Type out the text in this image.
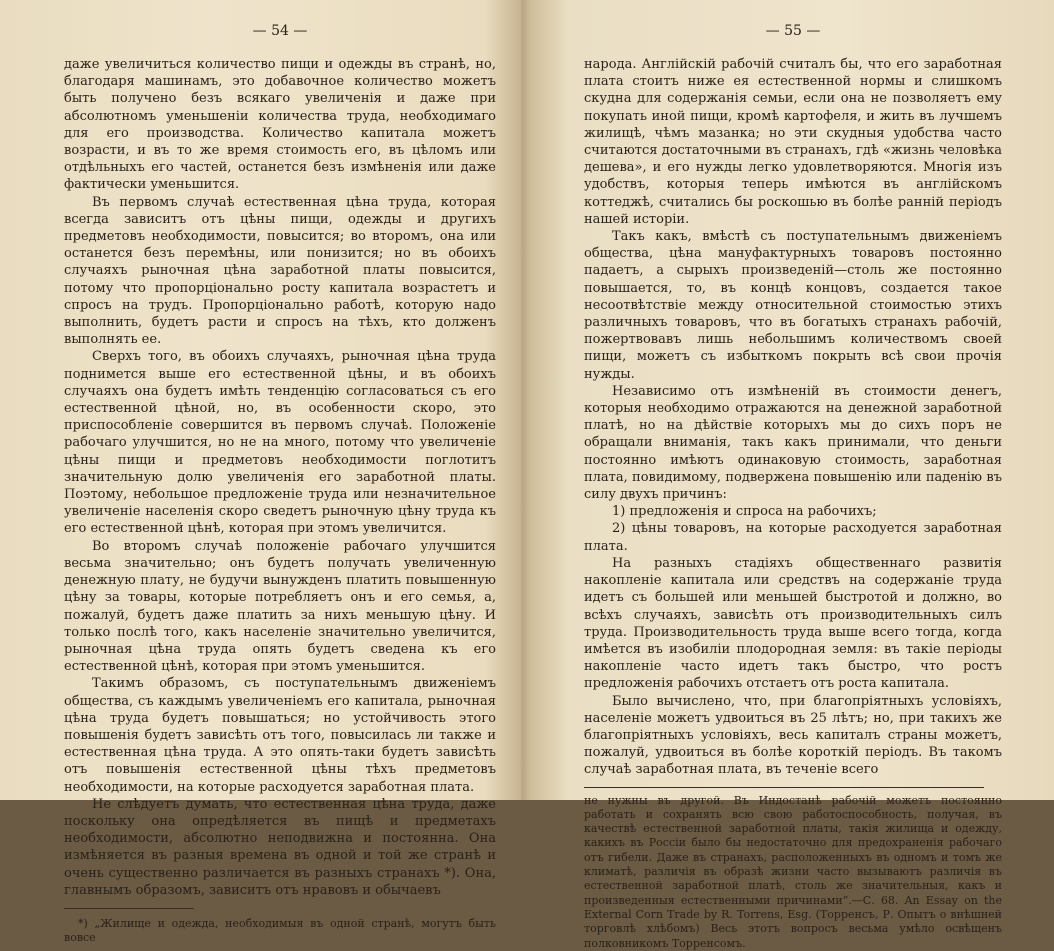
— 54 —

даже увеличиться количество пищи и одежды въ странѣ, но, благодаря машинамъ, это добавочное количество можетъ быть получено безъ всякаго увеличенія и даже при абсолютномъ уменьшеніи количества труда, необходимаго для его производства. Количество капитала можетъ возрасти, и въ то же время стоимость его, въ цѣломъ или отдѣльныхъ его частей, останется безъ измѣненія или даже фактически уменьшится.

Въ первомъ случаѣ естественная цѣна труда, которая всегда зависитъ отъ цѣны пищи, одежды и другихъ предметовъ необходимости, повысится; во второмъ, она или останется безъ перемѣны, или понизится; но въ обоихъ случаяхъ рыночная цѣна заработной платы повысится, потому что пропорціонально росту капитала возрастетъ и спросъ на трудъ. Пропорціонально работѣ, которую надо выполнить, будетъ расти и спросъ на тѣхъ, кто долженъ выполнять ее.

Сверхъ того, въ обоихъ случаяхъ, рыночная цѣна труда поднимется выше его естественной цѣны, и въ обоихъ случаяхъ она будетъ имѣть тенденцію согласоваться съ его естественной цѣной, но, въ особенности скоро, это приспособленіе совершится въ первомъ случаѣ. Положеніе рабочаго улучшится, но не на много, потому что увеличеніе цѣны пищи и предметовъ необходимости поглотитъ значительную долю увеличенія его заработной платы. Поэтому, небольшое предложеніе труда или незначительное увеличеніе населенія скоро сведетъ рыночную цѣну труда къ его естественной цѣнѣ, которая при этомъ увеличится.

Во второмъ случаѣ положеніе рабочаго улучшится весьма значительно; онъ будетъ получать увеличенную денежную плату, не будучи вынужденъ платить повышенную цѣну за товары, которые потребляетъ онъ и его семья, а, пожалуй, будетъ даже платить за нихъ меньшую цѣну. И только послѣ того, какъ населеніе значительно увеличится, рыночная цѣна труда опять будетъ сведена къ его естественной цѣнѣ, которая при этомъ уменьшится.

Такимъ образомъ, съ поступательнымъ движеніемъ общества, съ каждымъ увеличеніемъ его капитала, рыночная цѣна труда будетъ повышаться; но устойчивость этого повышенія будетъ зависѣть отъ того, повысилась ли также и естественная цѣна труда. А это опять-таки будетъ зависѣть отъ повышенія естественной цѣны тѣхъ предметовъ необходимости, на которые расходуется заработная плата.

Не слѣдуетъ думать, что естественная цѣна труда, даже поскольку она опредѣляется въ пищѣ и предметахъ необходимости, абсолютно неподвижна и постоянна. Она измѣняется въ разныя времена въ одной и той же странѣ и очень существенно различается въ разныхъ странахъ *). Она, главнымъ образомъ, зависитъ отъ нравовъ и обычаевъ

*) „Жилище и одежда, необходимыя въ одной странѣ, могутъ быть вовсе

— 55 —

народа. Англійскій рабочій считалъ бы, что его заработная плата стоитъ ниже ея естественной нормы и слишкомъ скудна для содержанія семьи, если она не позволяетъ ему покупать иной пищи, кромѣ картофеля, и жить въ лучшемъ жилищѣ, чѣмъ мазанка; но эти скудныя удобства часто считаются достаточными въ странахъ, гдѣ «жизнь человѣка дешева», и его нужды легко удовлетворяются. Многія изъ удобствъ, которыя теперь имѣются въ англійскомъ коттеджѣ, считались бы роскошью въ болѣе ранній періодъ нашей исторіи.

Такъ какъ, вмѣстѣ съ поступательнымъ движеніемъ общества, цѣна мануфактурныхъ товаровъ постоянно падаетъ, а сырыхъ произведеній—столь же постоянно повышается, то, въ концѣ концовъ, создается такое несоотвѣтствіе между относительной стоимостью этихъ различныхъ товаровъ, что въ богатыхъ странахъ рабочій, пожертвовавъ лишь небольшимъ количествомъ своей пищи, можетъ съ избыткомъ покрыть всѣ свои прочія нужды.

Независимо отъ измѣненій въ стоимости денегъ, которыя необходимо отражаются на денежной заработной платѣ, но на дѣйствіе которыхъ мы до сихъ поръ не обращали вниманія, такъ какъ принимали, что деньги постоянно имѣютъ одинаковую стоимость, заработная плата, повидимому, подвержена повышенію или паденію въ силу двухъ причинъ:

1) предложенія и спроса на рабочихъ;

2) цѣны товаровъ, на которые расходуется заработная плата.

На разныхъ стадіяхъ общественнаго развитія накопленіе капитала или средствъ на содержаніе труда идетъ съ большей или меньшей быстротой и должно, во всѣхъ случаяхъ, зависѣть отъ производительныхъ силъ труда. Производительность труда выше всего тогда, когда имѣется въ изобиліи плодородная земля: въ такіе періоды накопленіе часто идетъ такъ быстро, что ростъ предложенія рабочихъ отстаетъ отъ роста капитала.

Было вычислено, что, при благопріятныхъ условіяхъ, населеніе можетъ удвоиться въ 25 лѣтъ; но, при такихъ же благопріятныхъ условіяхъ, весь капиталъ страны можетъ, пожалуй, удвоиться въ болѣе короткій періодъ. Въ такомъ случаѣ заработная плата, въ теченіе всего

не нужны въ другой. Въ Индостанѣ рабочій можетъ постоянно работать и сохранять всю свою работоспособность, получая, въ качествѣ естественной заработной платы, такія жилища и одежду, какихъ въ Россіи было бы недостаточно для предохраненія рабочаго отъ гибели. Даже въ странахъ, расположенныхъ въ одномъ и томъ же климатѣ, различія въ образѣ жизни часто вызываютъ различія въ естественной заработной платѣ, столь же значительныя, какъ и произведенныя естественными причинами“.—С. 68. An Essay on the External Corn Trade by R. Torrens, Esg. (Торренсъ, Р. Опытъ о внѣшней торговлѣ хлѣбомъ) Весь этотъ вопросъ весьма умѣло освѣщенъ полковникомъ Торренсомъ.
